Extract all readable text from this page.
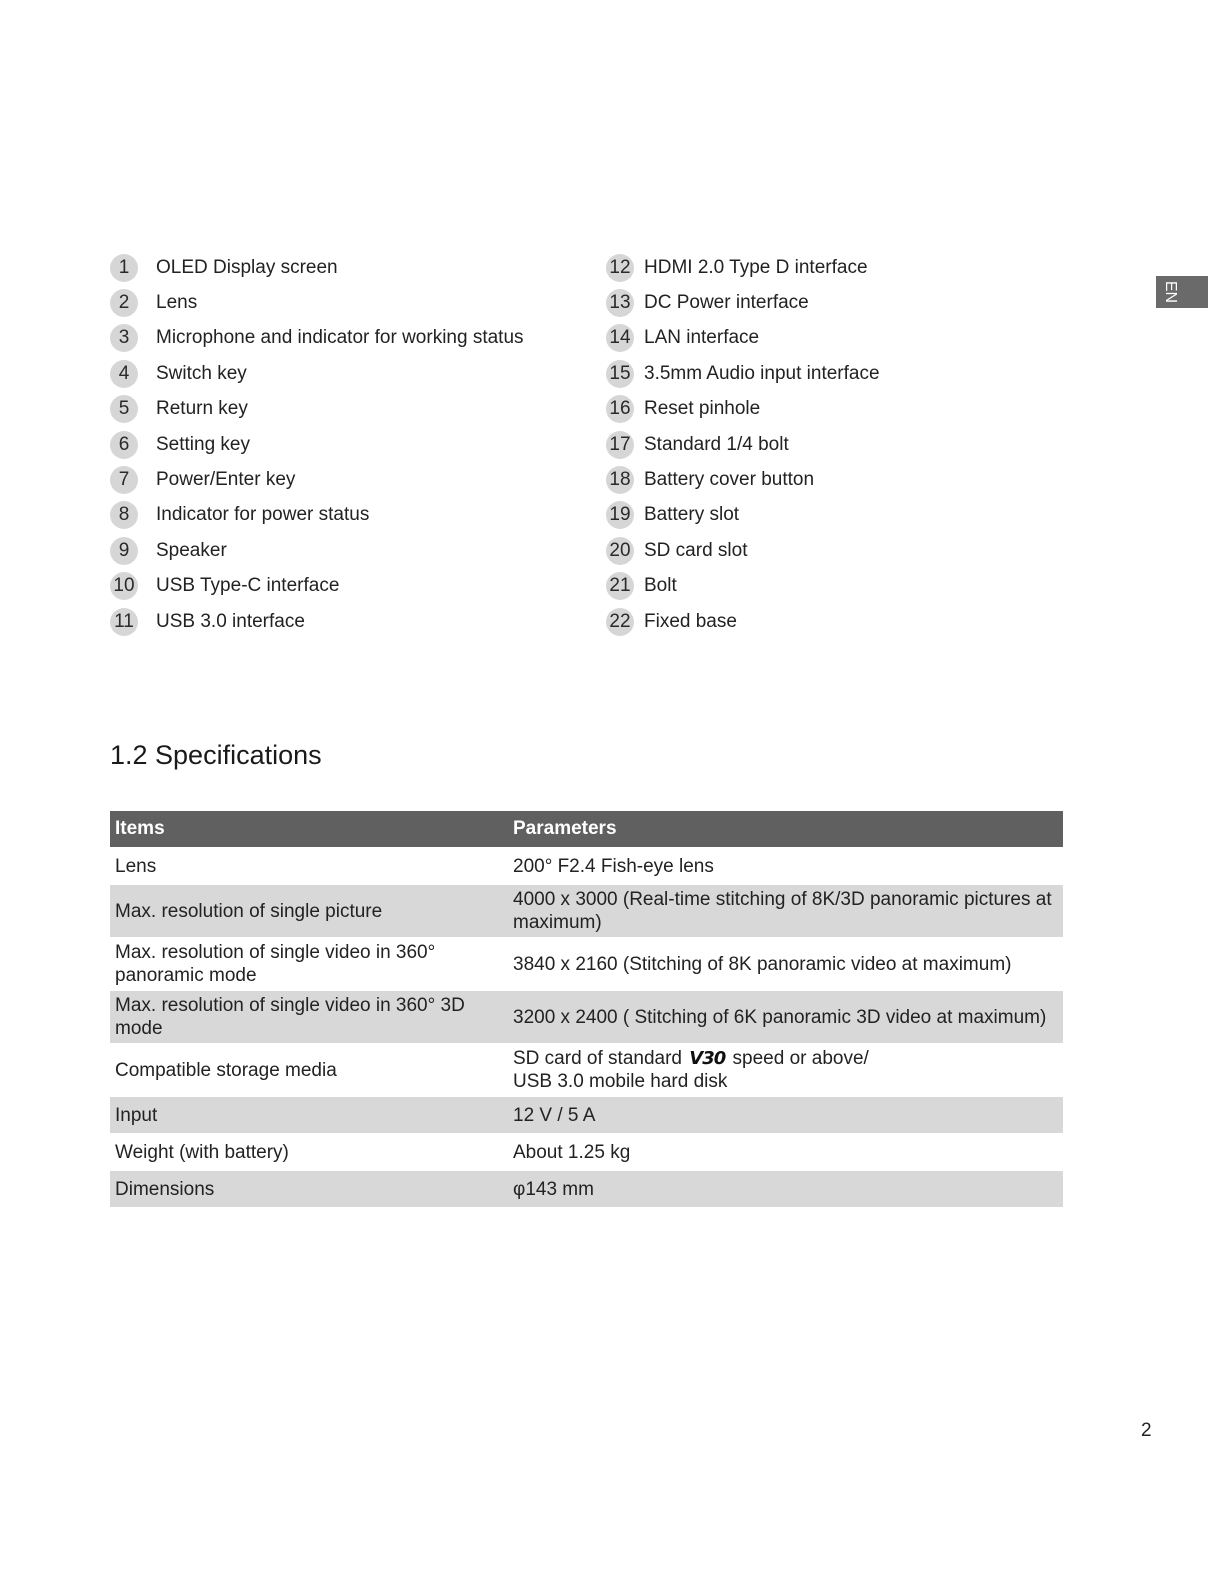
1	OLED Display screen
2	Lens
3	Microphone and indicator for working status
4	Switch key
5	Return key
6	Setting key
7	Power/Enter key
8	Indicator for power status
9	Speaker
10 USB Type-C interface
11 USB 3.0 interface
12 HDMI 2.0 Type D interface
13 DC Power interface
14 LAN interface
15 3.5mm Audio input interface
16 Reset pinhole
17 Standard 1/4 bolt
18 Battery cover button
19 Battery slot
20 SD card slot
21 Bolt
22 Fixed base
EN
1.2 Specifications
Items	Parameters
Lens	200° F2.4 Fish-eye lens
Max. resolution of single picture	4000 x 3000 (Real-time stitching of 8K/3D panoramic pictures at maximum)
Max. resolution of single video in 360° panoramic mode	3840 x 2160 (Stitching of 8K panoramic video at maximum)
Max. resolution of single video in 360° 3D mode	3200 x 2400 ( Stitching of 6K panoramic 3D video at maximum)
Compatible storage media	SD card of standard V30 speed or above/
USB 3.0 mobile hard disk
Input	12 V / 5 A
Weight (with battery)	About 1.25 kg
Dimensions	φ143 mm
2
